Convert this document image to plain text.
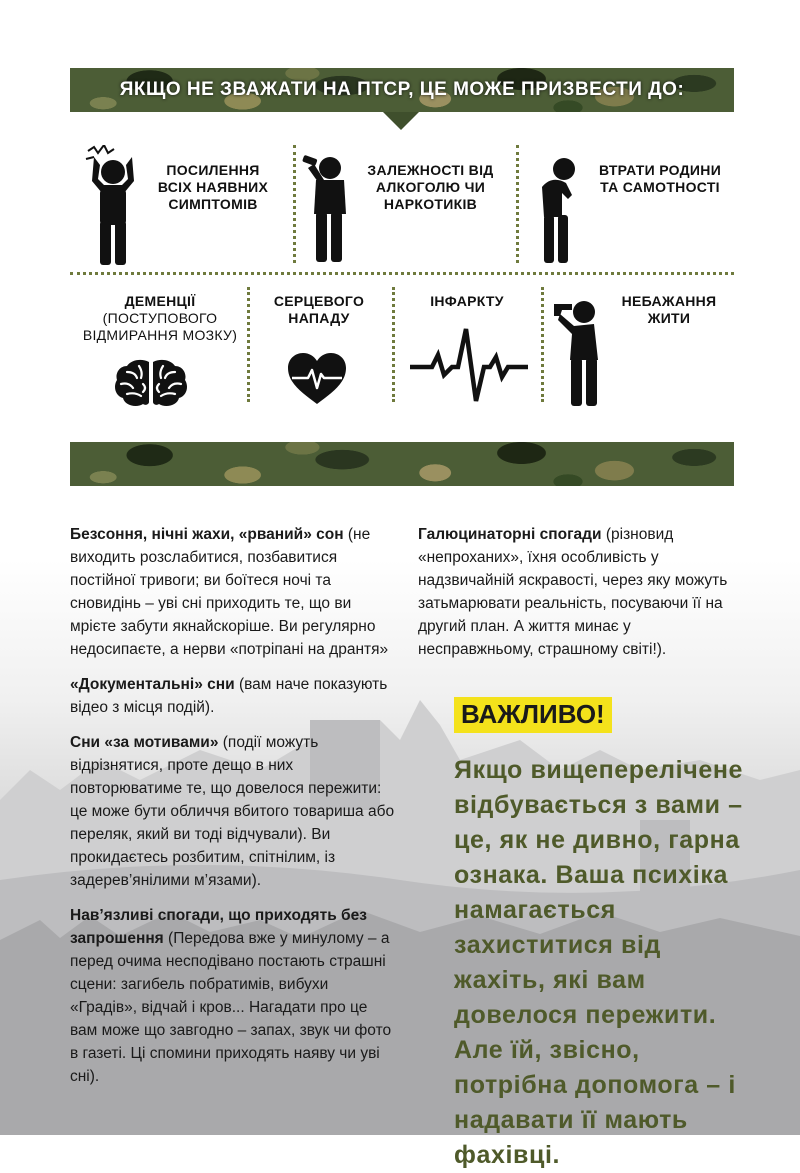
ЯКЩО НЕ ЗВАЖАТИ НА ПТСР, ЦЕ МОЖЕ ПРИЗВЕСТИ ДО:
ПОСИЛЕННЯ ВСІХ НАЯВНИХ СИМПТОМІВ
ЗАЛЕЖНОСТІ ВІД АЛКОГОЛЮ ЧИ НАРКОТИКІВ
ВТРАТИ РОДИНИ ТА САМОТНОСТІ
ДЕМЕНЦІЇ
(ПОСТУПОВОГО ВІДМИРАННЯ МОЗКУ)
СЕРЦЕВОГО НАПАДУ
ІНФАРКТУ	НЕБАЖАННЯ ЖИТИ

Безсоння, нічні жахи, «рваний» сон (не виходить розслабитися, позбавитися постійної тривоги; ви боїтеся ночі та сновидінь – уві сні приходить те, що ви мрієте забути якнайскоріше. Ви регулярно недосипаєте, а нерви «потріпані на дрантя»

«Документальні» сни (вам наче показують відео з місця подій).

Сни «за мотивами» (події можуть відрізнятися, проте дещо в них повторюватиме те, що довелося пережити: це може бути обличчя вбитого товариша або переляк, який ви тоді відчували). Ви прокидаєтесь розбитим, спітнілим, із задерев’янілими м’язами).

Нав’язливі спогади, що приходять без запрошення (Передова вже у минулому – а перед очима несподівано постають страшні сцени: загибель побратимів, вибухи «Градів», відчай і кров... Нагадати про це вам може що завгодно – запах, звук чи фото в газеті. Ці спомини приходять наяву чи уві сні).

Галюцинаторні спогади (різновид «непроханих», їхня особливість у надзвичайній яскравості, через яку можуть затьмарювати реальність, посуваючи її на другий план. А життя минає у несправжньому, страшному світі!).

ВАЖЛИВО!
Якщо вищеперелічене відбувається з вами – це, як не дивно, гарна ознака. Ваша психіка намагається захиститися від жахіть, які вам довелося пережити. Але їй, звісно, потрібна допомога – і надавати її мають фахівці.
